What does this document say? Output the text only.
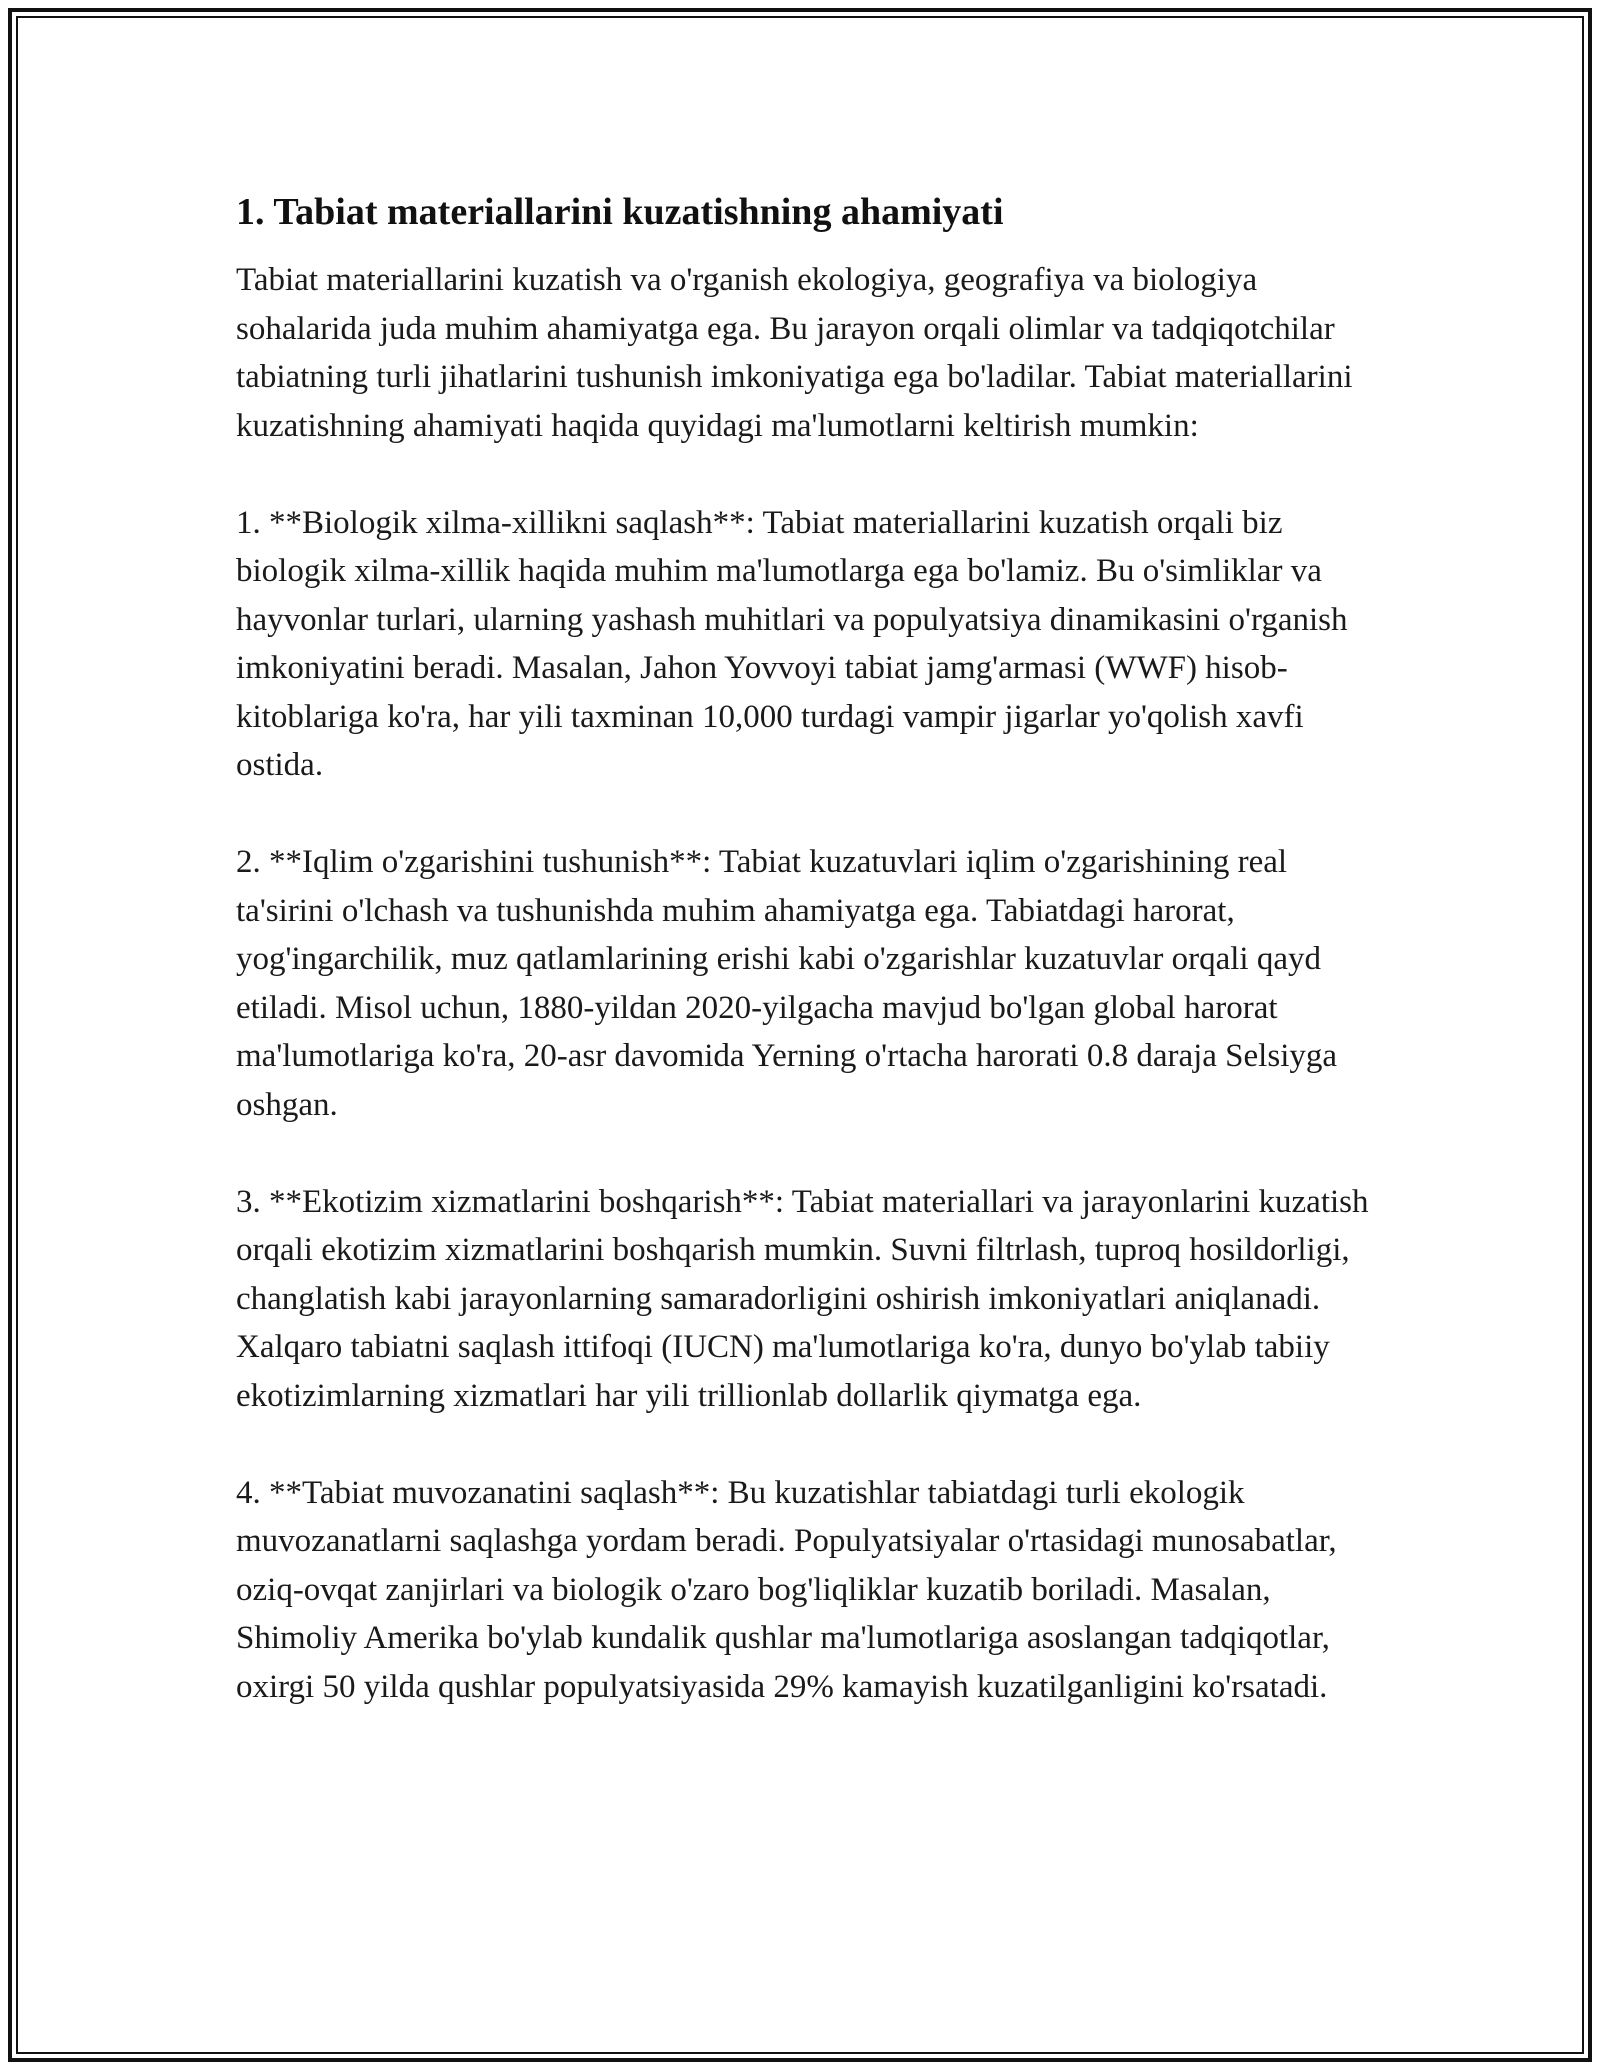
1. Tabiat materiallarini kuzatishning ahamiyati

Tabiat materiallarini kuzatish va o'rganish ekologiya, geografiya va biologiya sohalarida juda muhim ahamiyatga ega. Bu jarayon orqali olimlar va tadqiqotchilar tabiatning turli jihatlarini tushunish imkoniyatiga ega bo'ladilar. Tabiat materiallarini kuzatishning ahamiyati haqida quyidagi ma'lumotlarni keltirish mumkin:

1. **Biologik xilma-xillikni saqlash**: Tabiat materiallarini kuzatish orqali biz biologik xilma-xillik haqida muhim ma'lumotlarga ega bo'lamiz. Bu o'simliklar va hayvonlar turlari, ularning yashash muhitlari va populyatsiya dinamikasini o'rganish imkoniyatini beradi. Masalan, Jahon Yovvoyi tabiat jamg'armasi (WWF) hisob-kitoblariga ko'ra, har yili taxminan 10,000 turdagi vampir jigarlar yo'qolish xavfi ostida.

2. **Iqlim o'zgarishini tushunish**: Tabiat kuzatuvlari iqlim o'zgarishining real ta'sirini o'lchash va tushunishda muhim ahamiyatga ega. Tabiatdagi harorat, yog'ingarchilik, muz qatlamlarining erishi kabi o'zgarishlar kuzatuvlar orqali qayd etiladi. Misol uchun, 1880-yildan 2020-yilgacha mavjud bo'lgan global harorat ma'lumotlariga ko'ra, 20-asr davomida Yerning o'rtacha harorati 0.8 daraja Selsiyga oshgan.

3. **Ekotizim xizmatlarini boshqarish**: Tabiat materiallari va jarayonlarini kuzatish orqali ekotizim xizmatlarini boshqarish mumkin. Suvni filtrlash, tuproq hosildorligi, changlatish kabi jarayonlarning samaradorligini oshirish imkoniyatlari aniqlanadi. Xalqaro tabiatni saqlash ittifoqi (IUCN) ma'lumotlariga ko'ra, dunyo bo'ylab tabiiy ekotizimlarning xizmatlari har yili trillionlab dollarlik qiymatga ega.

4. **Tabiat muvozanatini saqlash**: Bu kuzatishlar tabiatdagi turli ekologik muvozanatlarni saqlashga yordam beradi. Populyatsiyalar o'rtasidagi munosabatlar, oziq-ovqat zanjirlari va biologik o'zaro bog'liqliklar kuzatib boriladi. Masalan, Shimoliy Amerika bo'ylab kundalik qushlar ma'lumotlariga asoslangan tadqiqotlar, oxirgi 50 yilda qushlar populyatsiyasida 29% kamayish kuzatilganligini ko'rsatadi.
